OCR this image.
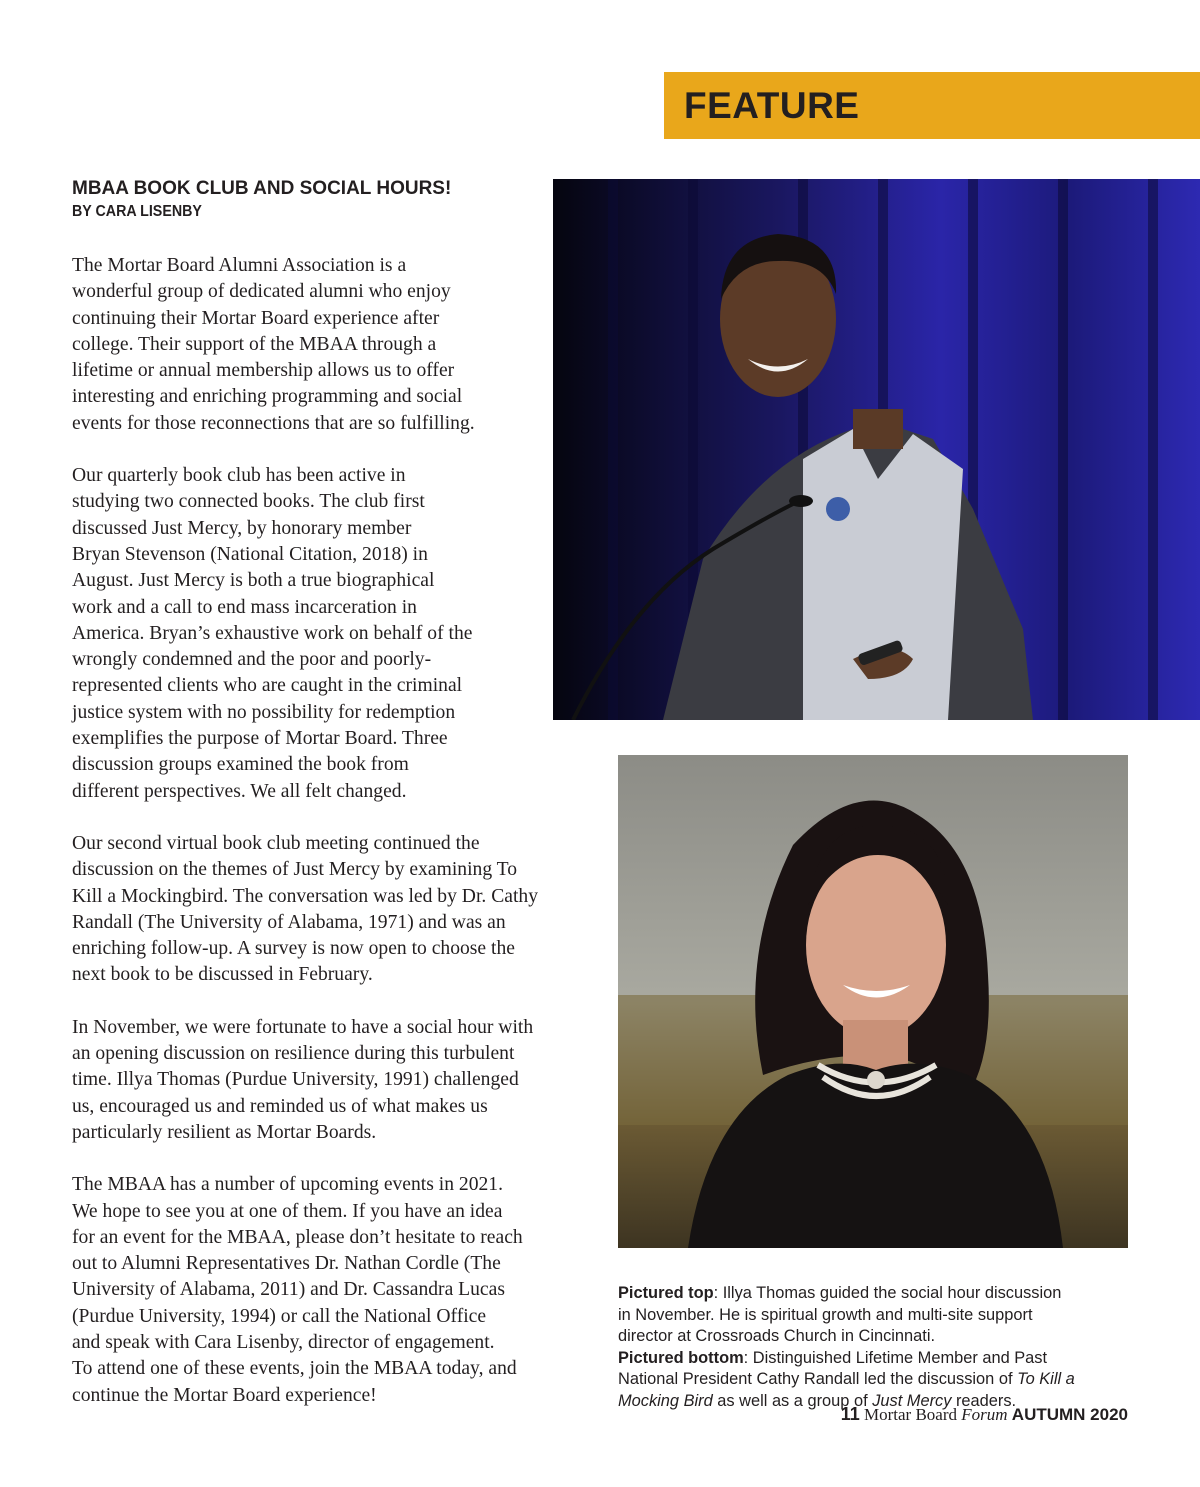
FEATURE

MBAA BOOK CLUB AND SOCIAL HOURS!

BY CARA LISENBY

The Mortar Board Alumni Association is a
wonderful group of dedicated alumni who enjoy
continuing their Mortar Board experience after
college. Their support of the MBAA through a
lifetime or annual membership allows us to offer
interesting and enriching programming and social
events for those reconnections that are so fulfilling.

Our quarterly book club has been active in
studying two connected books. The club first
discussed Just Mercy, by honorary member
Bryan Stevenson (National Citation, 2018) in
August. Just Mercy is both a true biographical
work and a call to end mass incarceration in
America. Bryan’s exhaustive work on behalf of the
wrongly condemned and the poor and poorly-
represented clients who are caught in the criminal
justice system with no possibility for redemption
exemplifies the purpose of Mortar Board. Three
discussion groups examined the book from
different perspectives. We all felt changed.

Our second virtual book club meeting continued the
discussion on the themes of Just Mercy by examining To
Kill a Mockingbird. The conversation was led by Dr. Cathy
Randall (The University of Alabama, 1971) and was an
enriching follow-up. A survey is now open to choose the
next book to be discussed in February.

In November, we were fortunate to have a social hour with
an opening discussion on resilience during this turbulent
time. Illya Thomas (Purdue University, 1991) challenged
us, encouraged us and reminded us of what makes us
particularly resilient as Mortar Boards.

The MBAA has a number of upcoming events in 2021.
We hope to see you at one of them. If you have an idea
for an event for the MBAA, please don’t hesitate to reach
out to Alumni Representatives Dr. Nathan Cordle (The
University of Alabama, 2011) and Dr. Cassandra Lucas
(Purdue University, 1994) or call the National Office
and speak with Cara Lisenby, director of engagement.
To attend one of these events, join the MBAA today, and
continue the Mortar Board experience!

Pictured top: Illya Thomas guided the social hour discussion
in November. He is spiritual growth and multi-site support
director at Crossroads Church in Cincinnati.

Pictured bottom: Distinguished Lifetime Member and Past
National President Cathy Randall led the discussion of To Kill a
Mocking Bird as well as a group of Just Mercy readers.

11 Mortar Board Forum AUTUMN 2020
